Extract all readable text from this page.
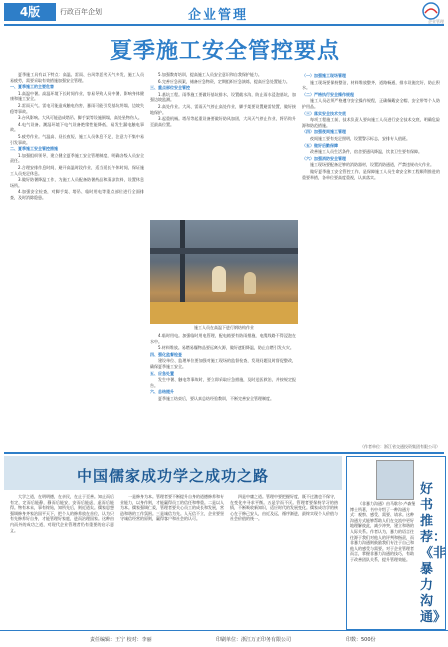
4版	行政百年企划	企业管理	企业管理
夏季施工安全管控要点

夏季施工具有以下特点：高温、雷雨、台风等恶劣天气多发，施工人员易疲劳，需要采取有效措施加强安全管理。

一、夏季施工的主要危害

1.高温中暑。高温环境下长时间作业，容易导致人员中暑，影响身体健康和施工安全。

2.雷雨天气。雷电可能造成触电伤害，暴雨可能引发基坑坍塌、边坡失稳等事故。

3.台风影响。大风可能造成塔吊、脚手架等设施倒塌，高处坠物伤人。

4.电气设备。潮湿环境下电气设备绝缘性能降低，易发生漏电触电事故。

5.疲劳作业。气温高、昼长夜短，施工人员休息不足，注意力不集中易引发事故。

二、夏季施工安全管控措施

1.加强组织领导，建立健全夏季施工安全管理制度，明确各级人员安全责任。

2.合理安排作息时间，避开高温时段作业，适当延长午休时间，保证施工人员充足休息。

3.做好防暑降温工作，为施工人员配备防暑药品和清凉饮料，设置休息场所。

4.加强安全检查，对脚手架、塔吊、临时用电等重点部位进行全面排查，及时消除隐患。

5.加强教育培训，提高施工人员安全意识和自我保护能力。

6.完善应急预案，储备应急物资，定期组织应急演练，提高应急处置能力。

三、重点部位安全管控

1.基坑工程。雨季施工要做好基坑排水，设置截水沟，防止雨水浸泡基坑，加强边坡监测。

2.高处作业。大风、雷雨天气停止高处作业，脚手架要设置避雷装置，做好接地保护。

3.起重机械。塔吊等起重设备要做好防风加固，大风天气停止作业，将吊钩升至最高位置。

施工人员在高温下进行钢结构作业

4.临时用电。加强临时用电管理，配电箱要有防雨措施，电缆线路不得浸泡在水中。

5.材料堆放。易燃易爆物品要远离火源，做好遮阳降温，防止自燃引发火灾。

四、强化监督检查

建设单位、监理单位要加强对施工现场的监督检查，发现问题及时督促整改，确保夏季施工安全。

五、应急处置

发生中暑、触电等事故时，要立即采取应急措施，及时送医救治，并按规定报告。

六、总结提升

夏季施工结束后，要认真总结经验教训，不断完善安全管理制度。

（一）加强施工现场管理

施工现场要保持整洁，材料堆放整齐，道路畅通，排水设施完好，防止积水。

（二）严格执行安全操作规程

施工人员必须严格遵守安全操作规程，正确佩戴安全帽、安全带等个人防护用品。

（三）落实安全技术交底

每项工程施工前，技术负责人要向施工人员进行安全技术交底，明确危险源和防范措施。

（四）加强夜间施工管理

夜间施工要有充足照明，设置警示标志，安排专人值班。

（五）做好后勤保障

改善施工人员生活条件，宿舍要通风降温，饮食卫生要有保障。

（六）加强消防安全管理

施工现场要配备足够的消防器材，设置消防通道，严禁违规动火作业。

做好夏季施工安全管控工作，是保障施工人员生命安全和工程顺利推进的重要举措，各单位要高度重视，认真落实。

（作者单位：浙江省交通投资集团有限公司）
中国儒家成功学之成功之路

大学之道，在明明德，在亲民，在止于至善。知止而后有定，定而后能静，静而后能安，安而后能虑，虑而后能得。物有本末，事有终始，知所先后，则近道矣。儒家思想强调修身齐家治国平天下，把个人的修养放在首位，认为只有先修养好自身，才能管理好家庭，进而治理国家。这种由内而外的成功之道，对现代企业管理者仍有重要的启示意义。

一是修身为本。管理者要不断提升自身的道德修养和专业能力，以身作则，才能赢得员工的信任和尊重。二是以人为本。儒家强调仁爱，管理者要关心员工的成长和发展，营造和谐的工作氛围。三是诚信为先。人无信不立，企业要坚守诚信经营的原则，赢得客户和社会的认可。

四是中庸之道。管理中要把握好度，既不过激也不保守，在变化中寻求平衡。五是学而不厌。管理者要保持学习的热情，不断吸收新知识，适应时代的发展变化。儒家成功学的核心在于修己安人，由近及远，循序渐进，最终实现个人价值与社会价值的统一。

《非暴力沟通》由马歇尔·卢森堡博士所著，书中介绍了一种沟通方式：观察、感受、需要、请求。这种沟通方式能够帮助人们在交流中更好地理解彼此，减少冲突，建立和谐的人际关系。作者认为，暴力的语言往往源于我们对他人的评判和指责，而非暴力沟通则鼓励我们专注于自己和他人的感受与需要。对于企业管理者而言，掌握非暴力沟通的技巧，有助于改善团队关系，提升管理效能。

好书推荐：《非暴力沟通》
责任编辑：王宁 校对：李丽	印刷单位：浙江万正印务有限公司	印数：500份
